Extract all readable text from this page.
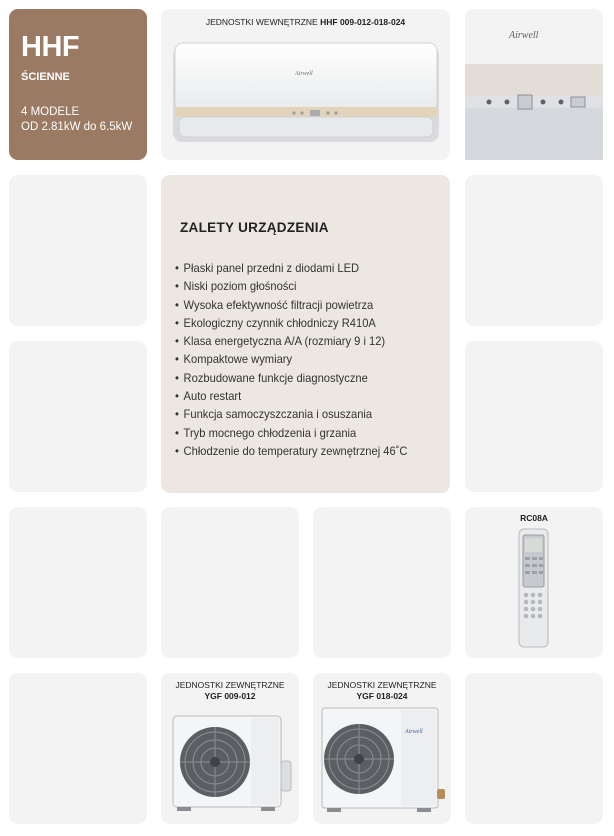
HHF
ŚCIENNE
4 MODELE
OD 2.81kW do 6.5kW
JEDNOSTKI WEWNĘTRZNE HHF 009-012-018-024
Airwell
Airwell
ZALETY URZĄDZENIA
• Płaski panel przedni z diodami LED
• Niski poziom głośności
• Wysoka efektywność filtracji powietrza
• Ekologiczny czynnik chłodniczy R410A
• Klasa energetyczna A/A (rozmiary 9 i 12)
• Kompaktowe wymiary
• Rozbudowane funkcje diagnostyczne
• Auto restart
• Funkcja samoczyszczania i osuszania
• Tryb mocnego chłodzenia i grzania
• Chłodzenie do temperatury zewnętrznej 46˚C
RC08A
JEDNOSTKI ZEWNĘTRZNE
YGF 009-012
JEDNOSTKI ZEWNĘTRZNE
YGF 018-024
Airwell
